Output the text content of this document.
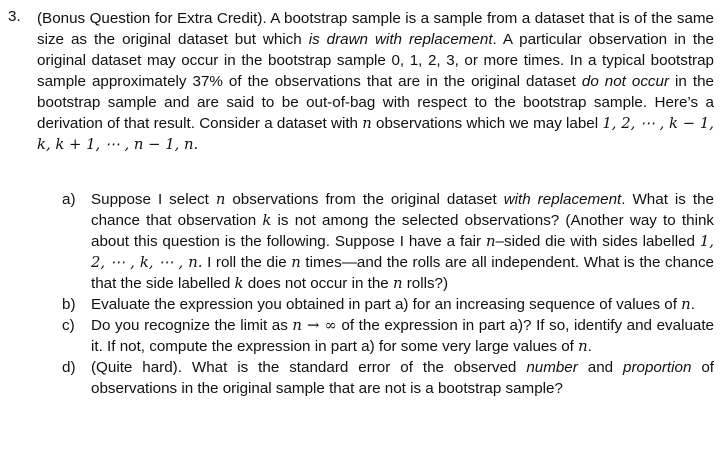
3.	(Bonus Question for Extra Credit). A bootstrap sample is a sample from a dataset that is of the same size as the original dataset but which is drawn with replacement. A particular observation in the original dataset may occur in the bootstrap sample 0, 1, 2, 3, or more times. In a typical bootstrap sample approximately 37% of the observations that are in the original dataset do not occur in the bootstrap sample and are said to be out-of-bag with respect to the bootstrap sample. Here’s a derivation of that result. Consider a dataset with n observations which we may label 1, 2, ⋯ , k − 1, k, k + 1, ⋯ , n − 1, n.
a)	Suppose I select n observations from the original dataset with replacement. What is the chance that observation k is not among the selected observations? (Another way to think about this question is the following. Suppose I have a fair n–sided die with sides labelled 1, 2, ⋯ , k, ⋯ , n. I roll the die n times—and the rolls are all independent. What is the chance that the side labelled k does not occur in the n rolls?)
b)	Evaluate the expression you obtained in part a) for an increasing sequence of values of n.
c)	Do you recognize the limit as n → ∞ of the expression in part a)? If so, identify and evaluate it. If not, compute the expression in part a) for some very large values of n.
d)	(Quite hard). What is the standard error of the observed number and proportion of observations in the original sample that are not is a bootstrap sample?
